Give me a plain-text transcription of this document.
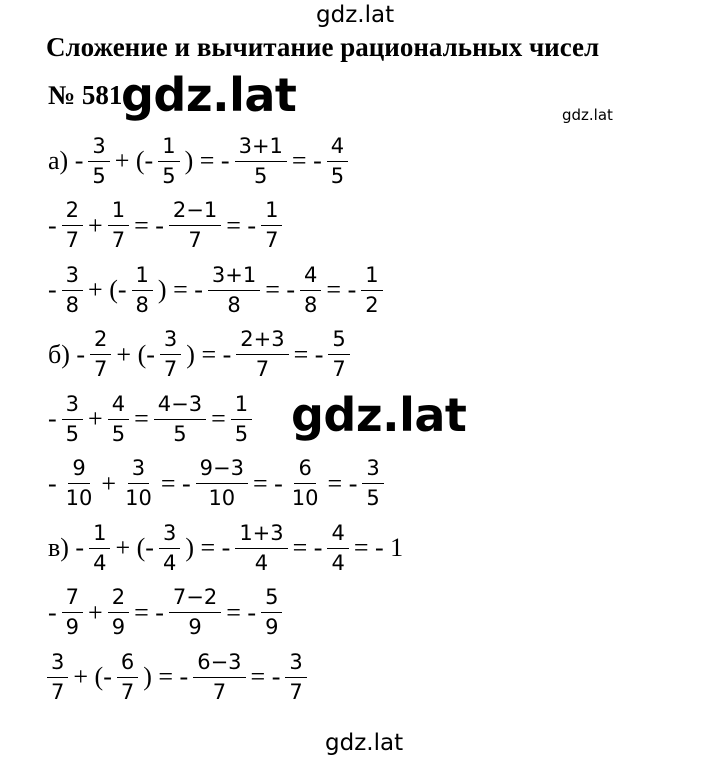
gdz.lat
Сложение и вычитание рациональных чисел
№ 581
gdz.lat	gdz.lat
$а) - \frac{3}{5}$ + (- $\frac{1}{5}$ ) = - $\frac{3+1}{5}$ = - $\frac{4}{5}$
- $\frac{2}{7} + \frac{1}{7}$ = - $\frac{2-1}{7}$ = - $\frac{1}{7}$
- $\frac{3}{8}$ + (- $\frac{1}{8}$ ) = - $\frac{3+1}{8}$ = - $\frac{4}{8}$ = - $\frac{1}{2}$
$б) - \frac{2}{7}$ + (- $\frac{3}{7}$ ) = - $\frac{2+3}{7}$ = - $\frac{5}{7}$
- $\frac{3}{5} + \frac{4}{5} = \frac{4-3}{5} = \frac{1}{5}$
- $\frac{9}{10} + \frac{3}{10}$ = - $\frac{9-3}{10}$ = - $\frac{6}{10}$ = - $\frac{3}{5}$
$в) - \frac{1}{4}$ + (- $\frac{3}{4}$ ) = - $\frac{1+3}{4}$ = - $\frac{4}{4}$ = - 1
- $\frac{7}{9} + \frac{2}{9}$ = - $\frac{7-2}{9}$ = - $\frac{5}{9}$
$\frac{3}{7}$ + (- $\frac{6}{7}$ ) = - $\frac{6-3}{7}$ = - $\frac{3}{7}$
gdz.lat
gdz.lat
